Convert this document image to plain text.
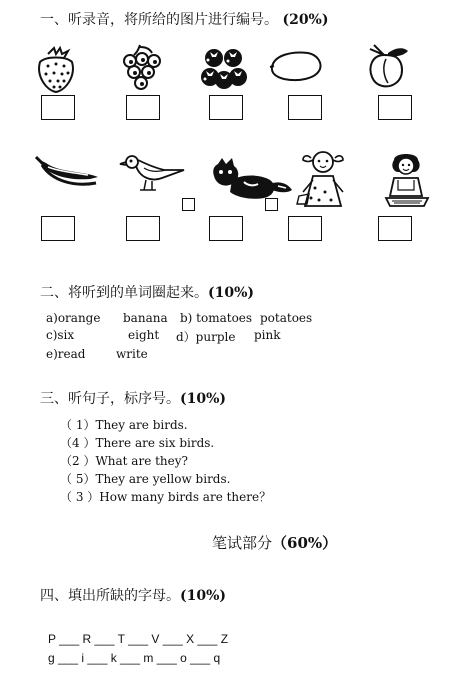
一、听录音，将所给的图片进行编号。 (20%)
二、将听到的单词圈起来。(10%)
a)orange banana b) tomatoes potatoes
c)six	eight d）purple pink
e)read	write
三、听句子，标序号。(10%)
（ 1）They are birds.
（4 ）There are six birds.
（2 ）What are they?
（ 5）They are yellow birds.
（ 3 ）How many birds are there？
笔试部分（60%）
四、填出所缺的字母。(10%)
P ___ R ___ T ___ V ___ X ___ Z
g ___ i ___ k ___ m ___ o ___ q
